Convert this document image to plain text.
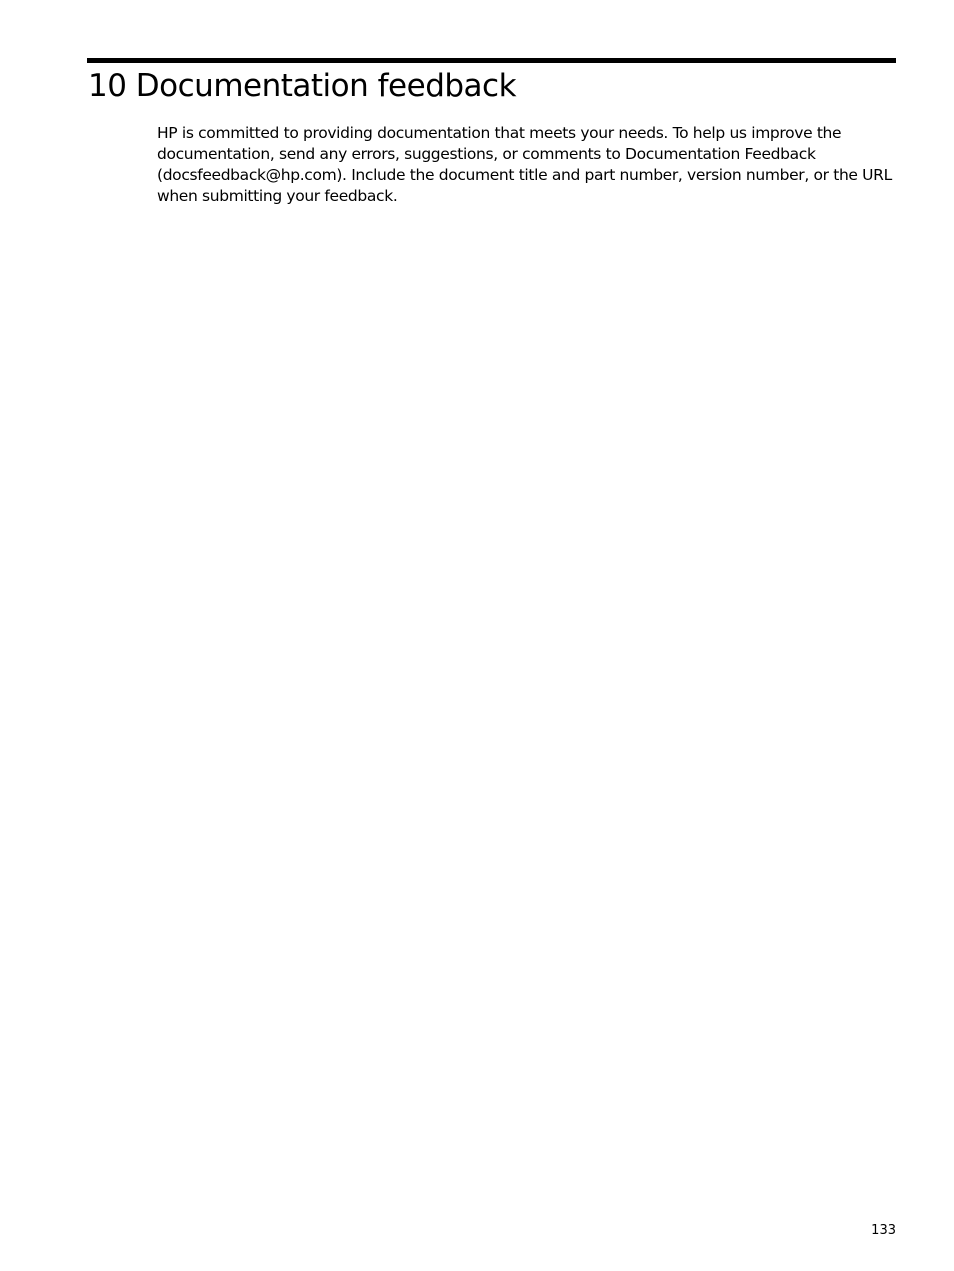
10 Documentation feedback

HP is committed to providing documentation that meets your needs. To help us improve the documentation, send any errors, suggestions, or comments to Documentation Feedback (docsfeedback@hp.com). Include the document title and part number, version number, or the URL when submitting your feedback.

133
